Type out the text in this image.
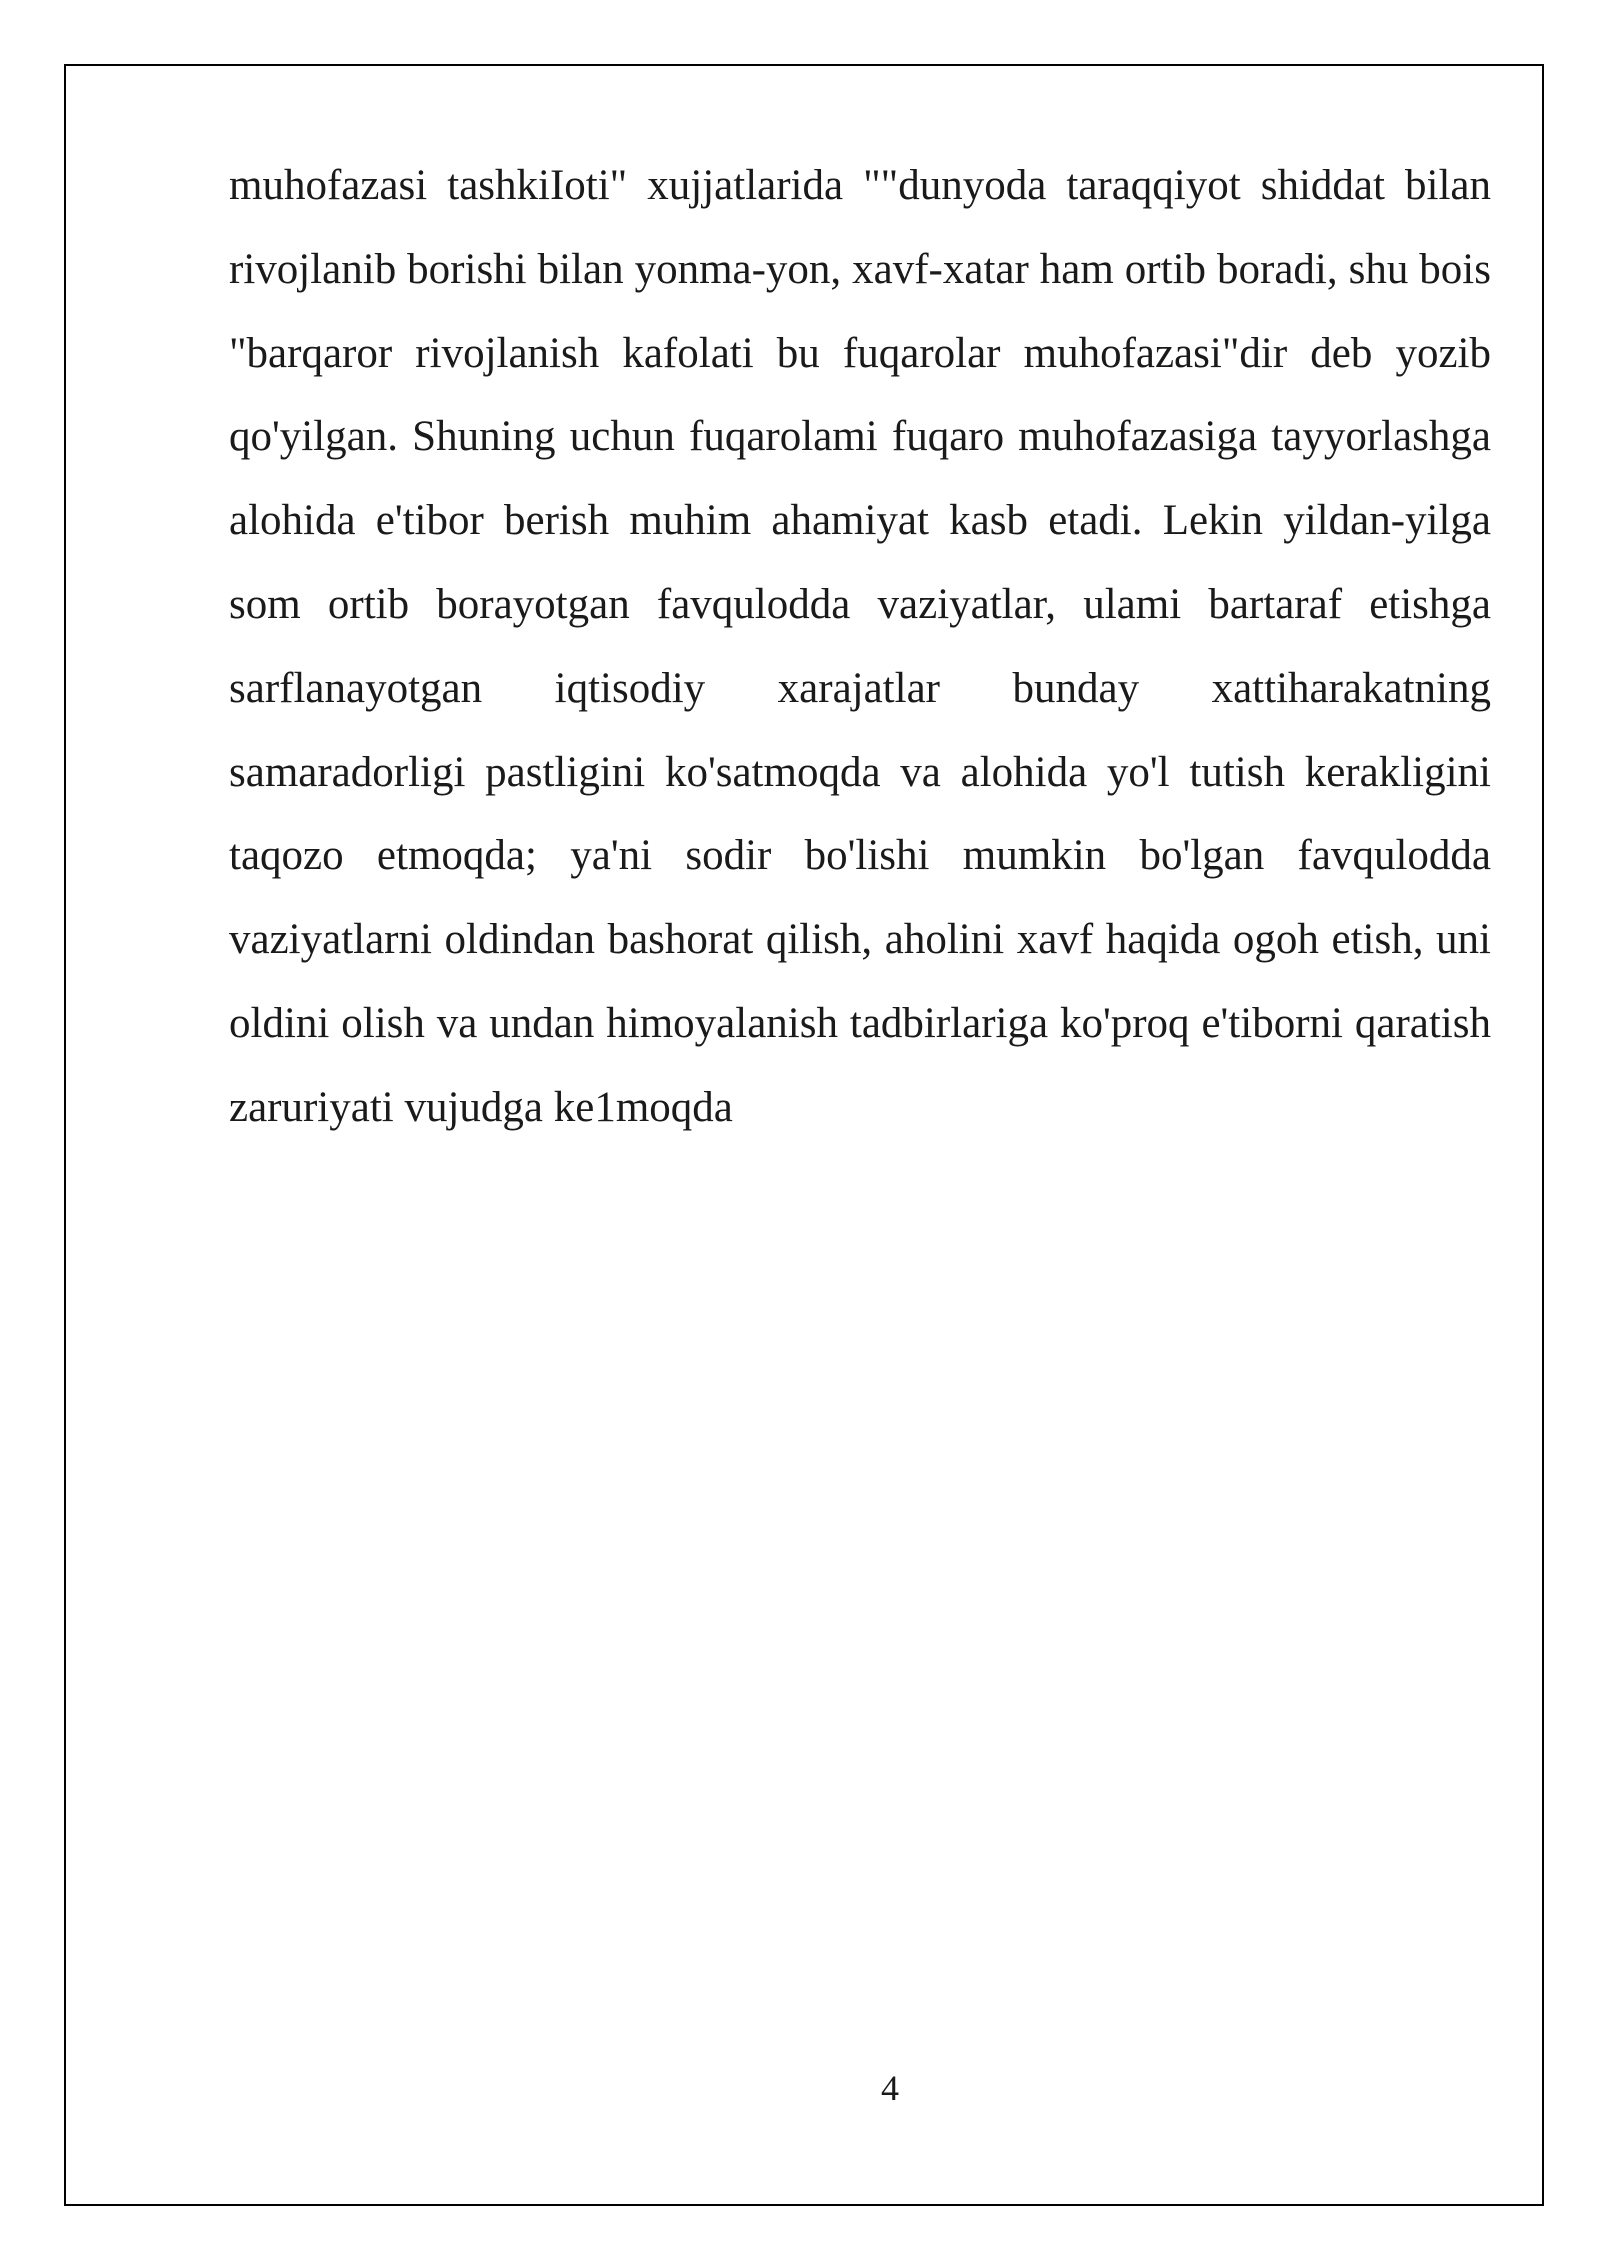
muhofazasi tashkiIoti" xujjatlarida ""dunyoda taraqqiyot shiddat bilan rivojlanib borishi bilan yonma-yon, xavf-xatar ham ortib boradi, shu bois "barqaror rivojlanish kafolati bu fuqarolar muhofazasi"dir deb yozib qo'yilgan. Shuning uchun fuqarolami fuqaro muhofazasiga tayyorlashga alohida e'tibor berish muhim ahamiyat kasb etadi. Lekin yildan-yilga som ortib borayotgan favqulodda vaziyatlar, ulami bartaraf etishga sarflanayotgan iqtisodiy xarajatlar bunday xattiharakatning samaradorligi pastligini ko'satmoqda va alohida yo'l tutish kerakligini taqozo etmoqda; ya'ni sodir bo'lishi mumkin bo'lgan favqulodda vaziyatlarni oldindan bashorat qilish, aholini xavf haqida ogoh etish, uni oldini olish va undan himoyalanish tadbirlariga ko'proq e'tiborni qaratish zaruriyati vujudga ke1moqda

4
